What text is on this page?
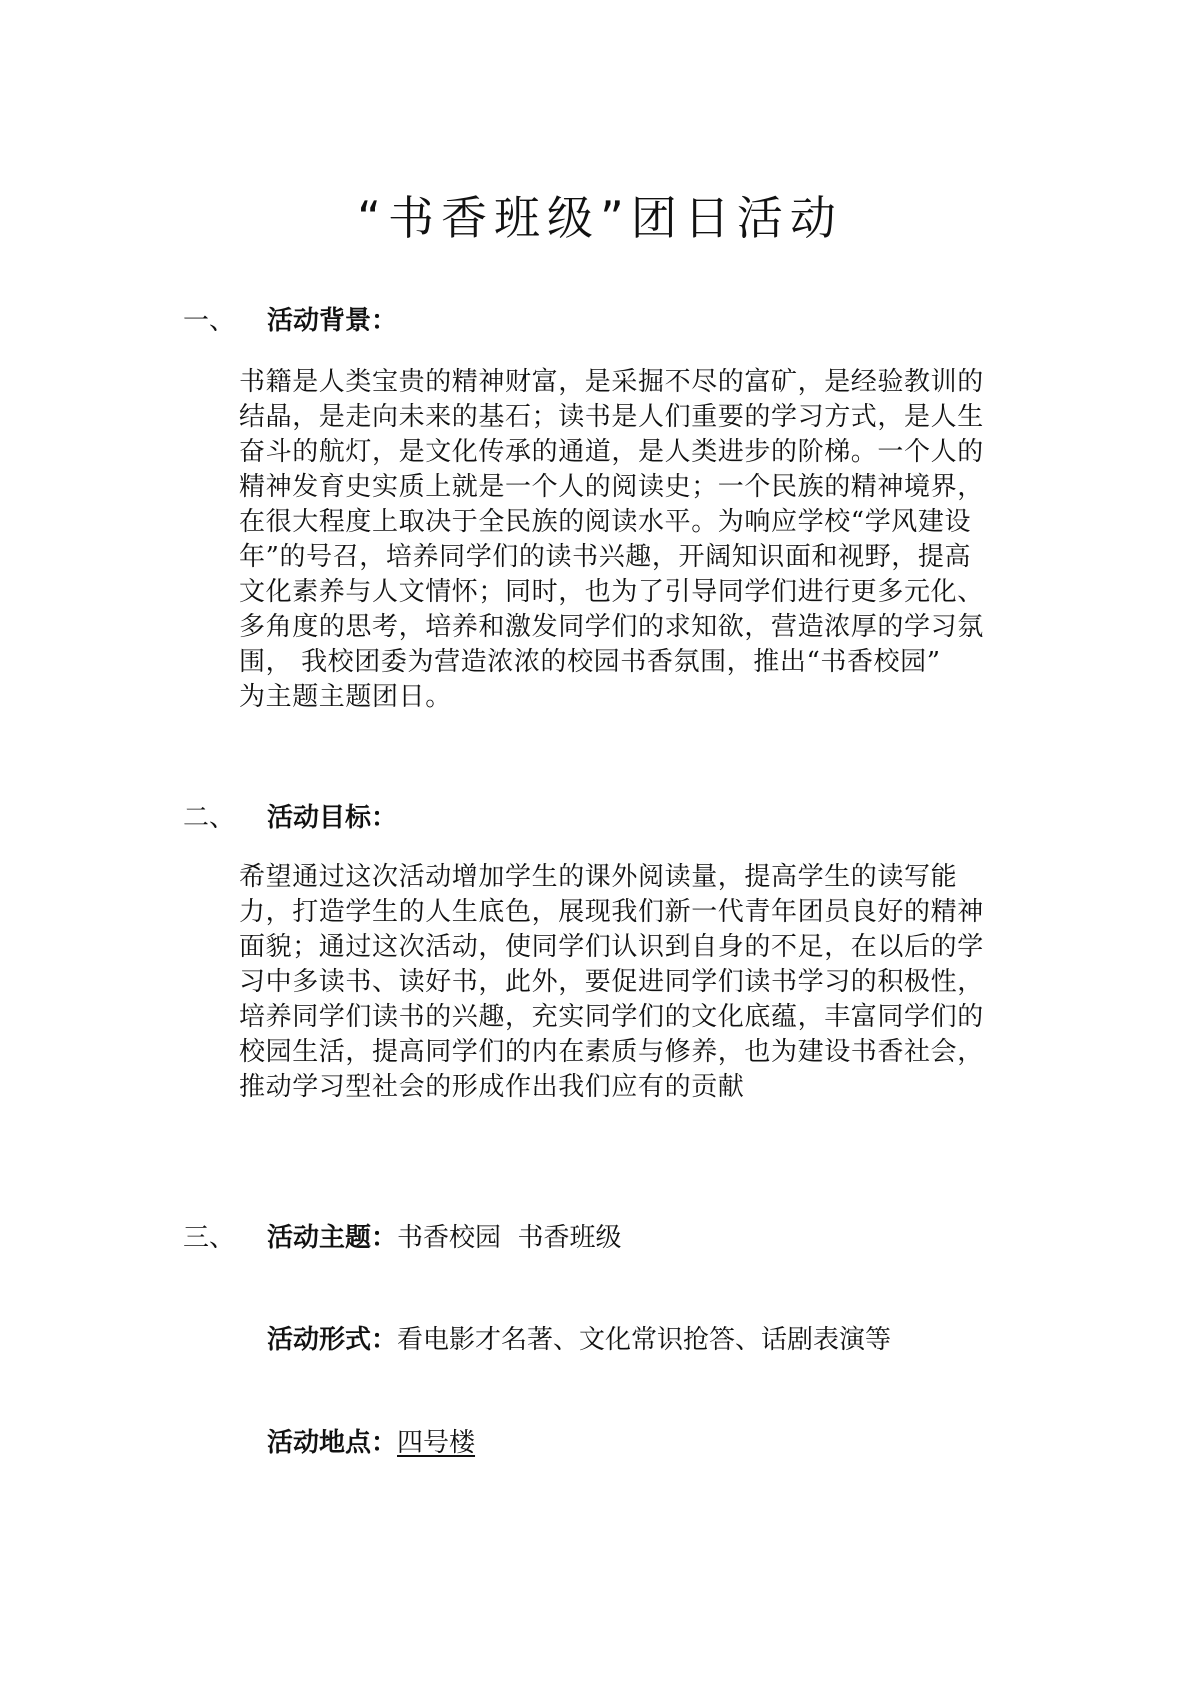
“书香班级”团日活动
一、 活动背景：
书籍是人类宝贵的精神财富，是采掘不尽的富矿，是经验教训的
结晶，是走向未来的基石；读书是人们重要的学习方式，是人生
奋斗的航灯，是文化传承的通道，是人类进步的阶梯。一个人的
精神发育史实质上就是一个人的阅读史；一个民族的精神境界，
在很大程度上取决于全民族的阅读水平。为响应学校“学风建设
年”的号召，培养同学们的读书兴趣，开阔知识面和视野，提高
文化素养与人文情怀；同时，也为了引导同学们进行更多元化、
多角度的思考，培养和激发同学们的求知欲，营造浓厚的学习氛
围， 我校团委为营造浓浓的校园书香氛围，推出“书香校园”
为主题主题团日。
二、 活动目标：
希望通过这次活动增加学生的课外阅读量，提高学生的读写能
力，打造学生的人生底色，展现我们新一代青年团员良好的精神
面貌；通过这次活动，使同学们认识到自身的不足，在以后的学
习中多读书、读好书，此外，要促进同学们读书学习的积极性，
培养同学们读书的兴趣，充实同学们的文化底蕴，丰富同学们的
校园生活，提高同学们的内在素质与修养，也为建设书香社会，
推动学习型社会的形成作出我们应有的贡献
三、 活动主题：书香校园  书香班级
活动形式：看电影才名著、文化常识抢答、话剧表演等
活动地点：四号楼
